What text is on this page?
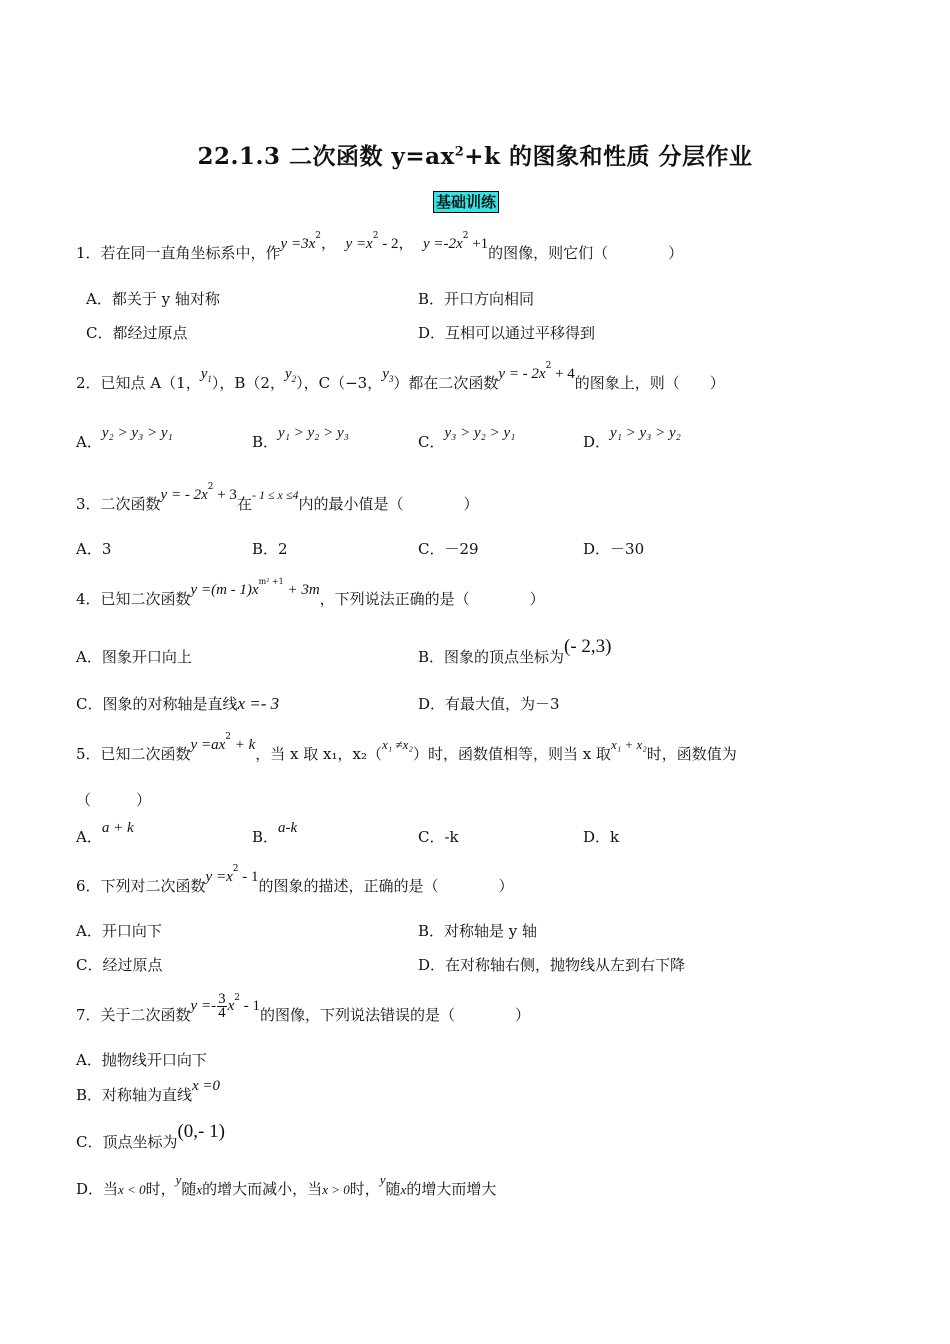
22.1.3 二次函数 $y=ax^2+k$ 的图象和性质 分层作业
基础训练
1．若在同一直角坐标系中，作$y =3x^2$， $y =x^2 - 2$， $y =-2x^2 +1$的图像，则它们（　　　　）
A．都关于 y 轴对称	B．开口方向相同
C．都经过原点	D．互相可以通过平移得到
2．已知点 A（1，$y_1$），B（2，$y_2$），C（−3，$y_3$）都在二次函数y = - $2x^2 + 4$的图象上，则（　　）
A．y₂ > y₃ > y₁	B．y₁ > y₂ > y₃	C．y₃ > y₂ > y₁	D．y₁ > y₃ > y₂
3．二次函数y = - $2x^2 + 3$在$^{- 1 \le x \le 4}$内的最小值是（　　　　）
A．3	B．2	C．－29	D．－30
4．已知二次函数$y =(m - 1)x^{m^2 +1} + 3m$，下列说法正确的是（　　　　）
A．图象开口向上	B．图象的顶点坐标为(- 2,3)
C．图象的对称轴是直线x =- 3	D．有最大值，为－3
5．已知二次函数$y =ax^2 + k$，当 x 取 x₁，x₂（x₁ ≠x₂）时，函数值相等，则当 x 取x₁ + x₂时，函数值为
（　　　）
A．a + k	B．a-k	C．-k	D．k
6．下列对二次函数$y =x^2 - 1$的图象的描述，正确的是（　　　　）
A．开口向下	B．对称轴是 y 轴
C．经过原点	D．在对称轴右侧，抛物线从左到右下降
7．关于二次函数$y =- \frac{3}{4} x^2 - 1$的图像，下列说法错误的是（　　　　）
A．抛物线开口向下
B．对称轴为直线x =0
C．顶点坐标为(0,- 1)
D．当x < 0时，y随x的增大而减小，当x > 0时，y随x的增大而增大
